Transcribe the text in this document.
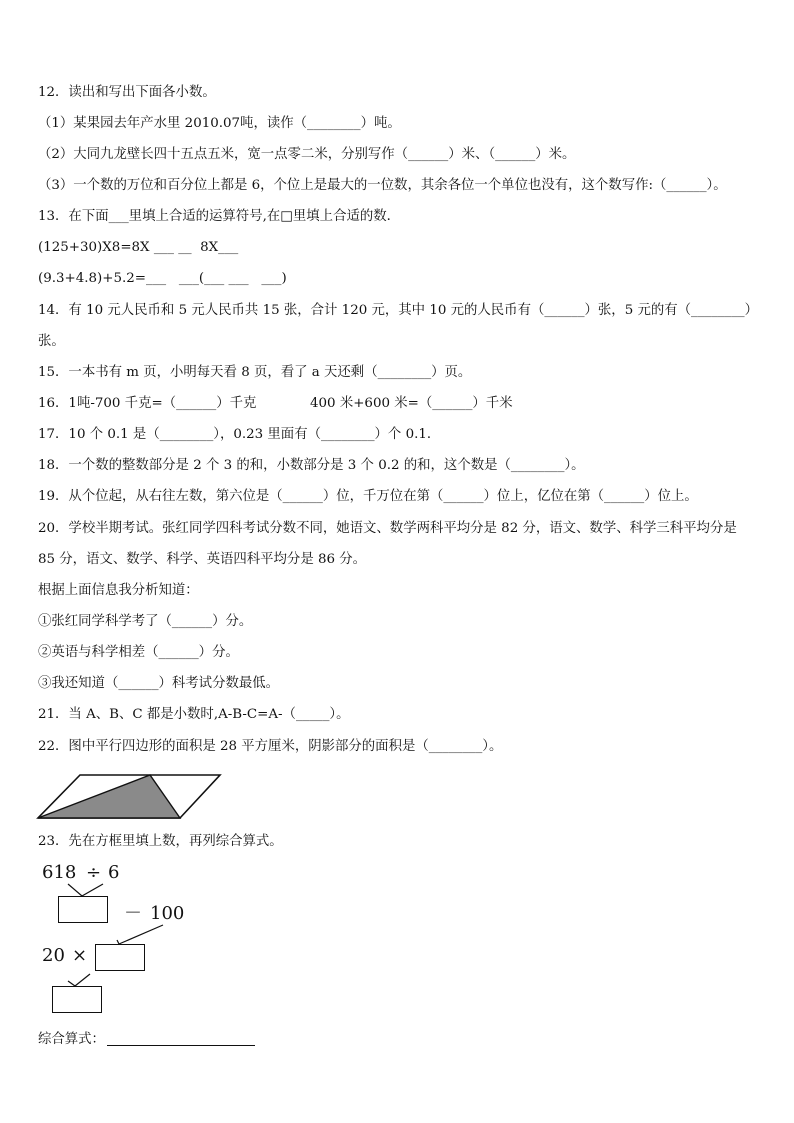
12．读出和写出下面各小数。
（1）某果园去年产水里 2010.07吨，读作（________）吨。
（2）大同九龙壁长四十五点五米，宽一点零二米，分别写作（______）米、（______）米。
（3）一个数的万位和百分位上都是 6，个位上是最大的一位数，其余各位一个单位也没有，这个数写作:（______）。
13．在下面___里填上合适的运算符号,在□里填上合适的数．
(125+30)X8=8X ___ __  8X___
(9.3+4.8)+5.2=___   ___(___ ___   ___)
14．有 10 元人民币和 5 元人民币共 15 张，合计 120 元，其中 10 元的人民币有（______）张，5 元的有（________）
张。
15．一本书有 m 页，小明每天看 8 页，看了 a 天还剩（________）页。
16．1吨-700 千克=（______）千克	400 米+600 米=（______）千米
17．10 个 0.1 是（________），0.23 里面有（________）个 0.1．
18．一个数的整数部分是 2 个 3 的和，小数部分是 3 个 0.2 的和，这个数是（________）。
19．从个位起，从右往左数，第六位是（______）位，千万位在第（______）位上，亿位在第（______）位上。
20．学校半期考试。张红同学四科考试分数不同，她语文、数学两科平均分是 82 分，语文、数学、科学三科平均分是
85 分，语文、数学、科学、英语四科平均分是 86 分。
根据上面信息我分析知道：
①张红同学科学考了（______）分。
②英语与科学相差（______）分。
③我还知道（______）科考试分数最低。
21．当 A、B、C 都是小数时,A-B-C=A-（_____）。
22．图中平行四边形的面积是 28 平方厘米，阴影部分的面积是（________）。
23．先在方框里填上数，再列综合算式。
618 ÷ 6
－ 100
20 ×
综合算式：
